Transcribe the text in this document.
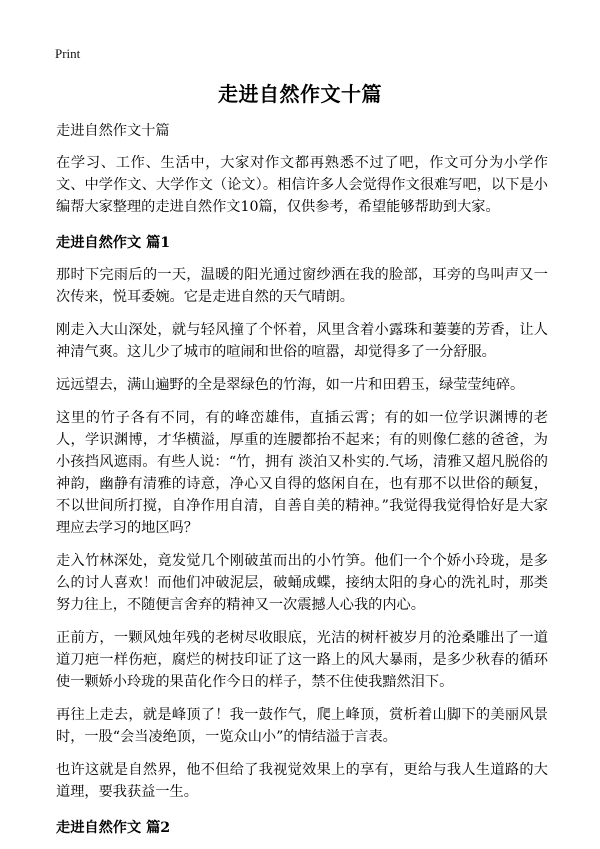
Print
走进自然作文十篇

走进自然作文十篇

在学习、工作、生活中，大家对作文都再熟悉不过了吧，作文可分为小学作文、中学作文、大学作文（论文）。相信许多人会觉得作文很难写吧，以下是小编帮大家整理的走进自然作文10篇，仅供参考，希望能够帮助到大家。

走进自然作文 篇1

那时下完雨后的一天，温暖的阳光通过窗纱洒在我的脸部，耳旁的鸟叫声又一次传来，悦耳委婉。它是走进自然的天气晴朗。

刚走入大山深处，就与轻风撞了个怀着，风里含着小露珠和萋萋的芳香，让人神清气爽。这儿少了城市的喧闹和世俗的喧嚣，却觉得多了一分舒服。

远远望去，满山遍野的全是翠绿色的竹海，如一片和田碧玉，绿莹莹纯碎。

这里的竹子各有不同，有的峰峦雄伟，直插云霄；有的如一位学识渊博的老人，学识渊博，才华横溢，厚重的连腰都抬不起来；有的则像仁慈的爸爸，为小孩挡风遮雨。有些人说：“竹，拥有 淡泊又朴实的.气场，清雅又超凡脱俗的神韵，幽静有清雅的诗意，净心又自得的悠闲自在，也有那不以世俗的颠复，不以世间所打搅，自净作用自清，自善自美的精神。”我觉得我觉得恰好是大家理应去学习的地区吗？

走入竹林深处，竟发觉几个刚破茧而出的小竹笋。他们一个个娇小玲珑，是多么的讨人喜欢！而他们冲破泥层，破蛹成蝶，接纳太阳的身心的洗礼时，那类努力往上，不随便言舍弃的精神又一次震撼人心我的内心。

正前方，一颗风烛年残的老树尽收眼底，光洁的树杆被岁月的沧桑雕出了一道道刀疤一样伤疤，腐烂的树技印证了这一路上的风大暴雨，是多少秋春的循环使一颗娇小玲珑的果苗化作今日的样子，禁不住使我黯然泪下。

再往上走去，就是峰顶了！我一鼓作气，爬上峰顶，赏析着山脚下的美丽风景时，一股“会当凌绝顶，一览众山小”的情结溢于言表。

也许这就是自然界，他不但给了我视觉效果上的享有，更给与我人生道路的大道理，要我获益一生。

走进自然作文 篇2
